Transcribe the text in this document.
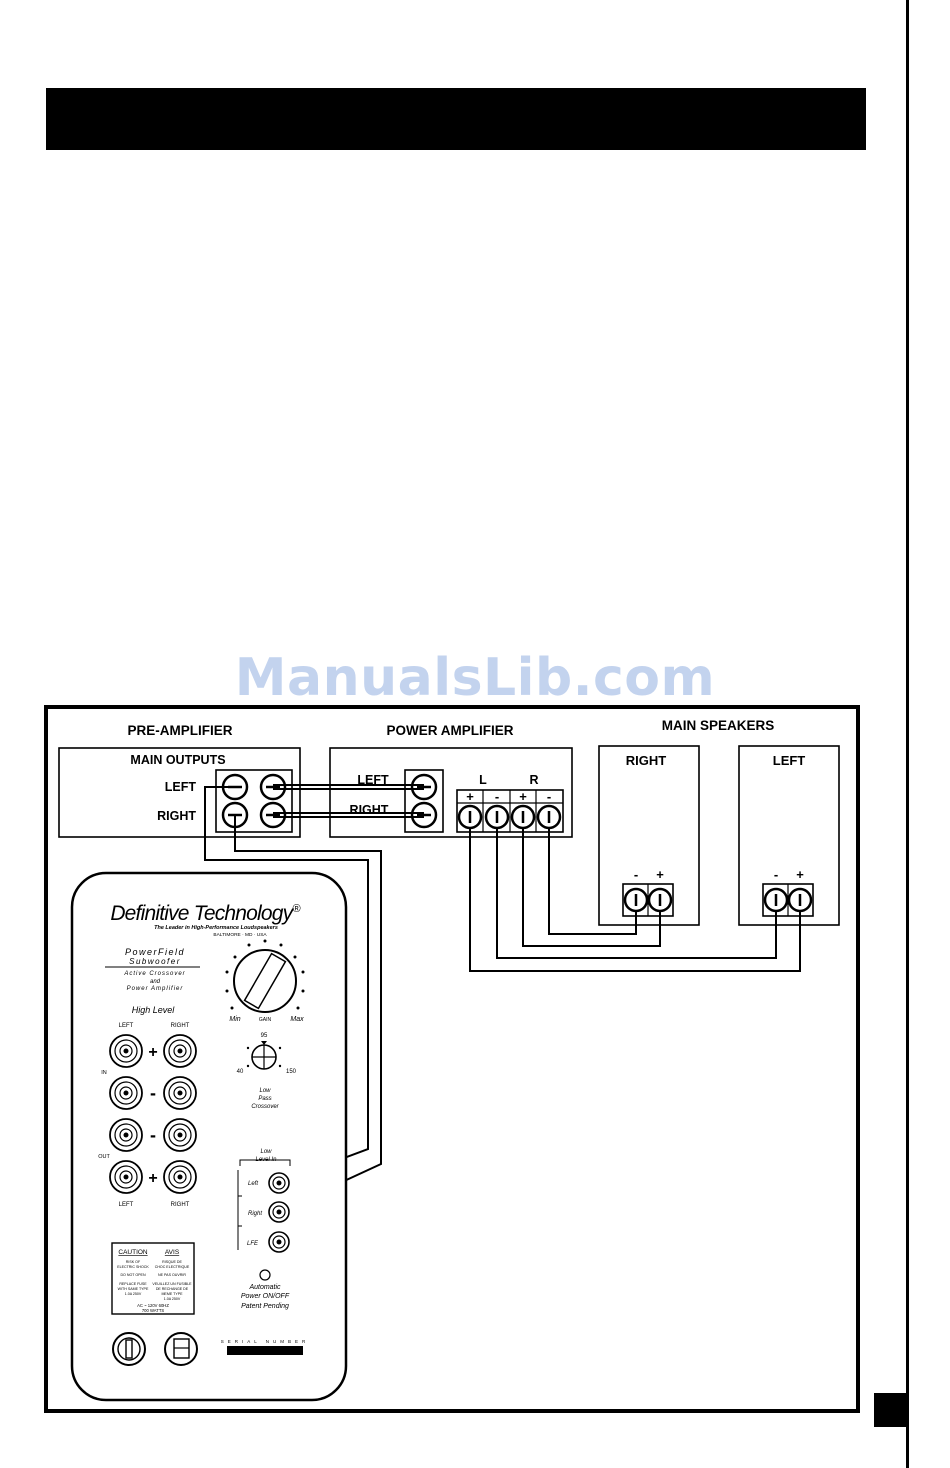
ManualsLib.com
PRE-AMPLIFIER
MAIN OUTPUTS
LEFT
RIGHT
POWER AMPLIFIER
LEFT
RIGHT
L	R
+ - + -
MAIN SPEAKERS
RIGHT
- +
LEFT
- +
Definitive Technology®
The Leader in High-Performance Loudspeakers
BALTIMORE · MD · USA
PowerField
Subwoofer
Active Crossover
and
Power Amplifier
Min	GAIN	Max
95
40	150
Low
Pass
Crossover
High Level
LEFT	RIGHT
+
-
-
+
IN
OUT
LEFT	RIGHT
Low
Level In
Left
Right
LFE
Automatic
Power ON/OFF
Patent Pending
CAUTION	AVIS
RISK OF
ELECTRIC SHOCK
DO NOT OPEN
REPLACE FUSE
WITH SAME TYPE
1.0A 250V
RISQUE DE
CHOC ELECTRIQUE
NE PAS OUVRIR
VEUILLEZ UN FUSIBLE
DE RECHANGE DE
MEME TYPE
1.0A 250V
AC ~ 120V 60HZ
700 WATTS
SERIAL NUMBER
